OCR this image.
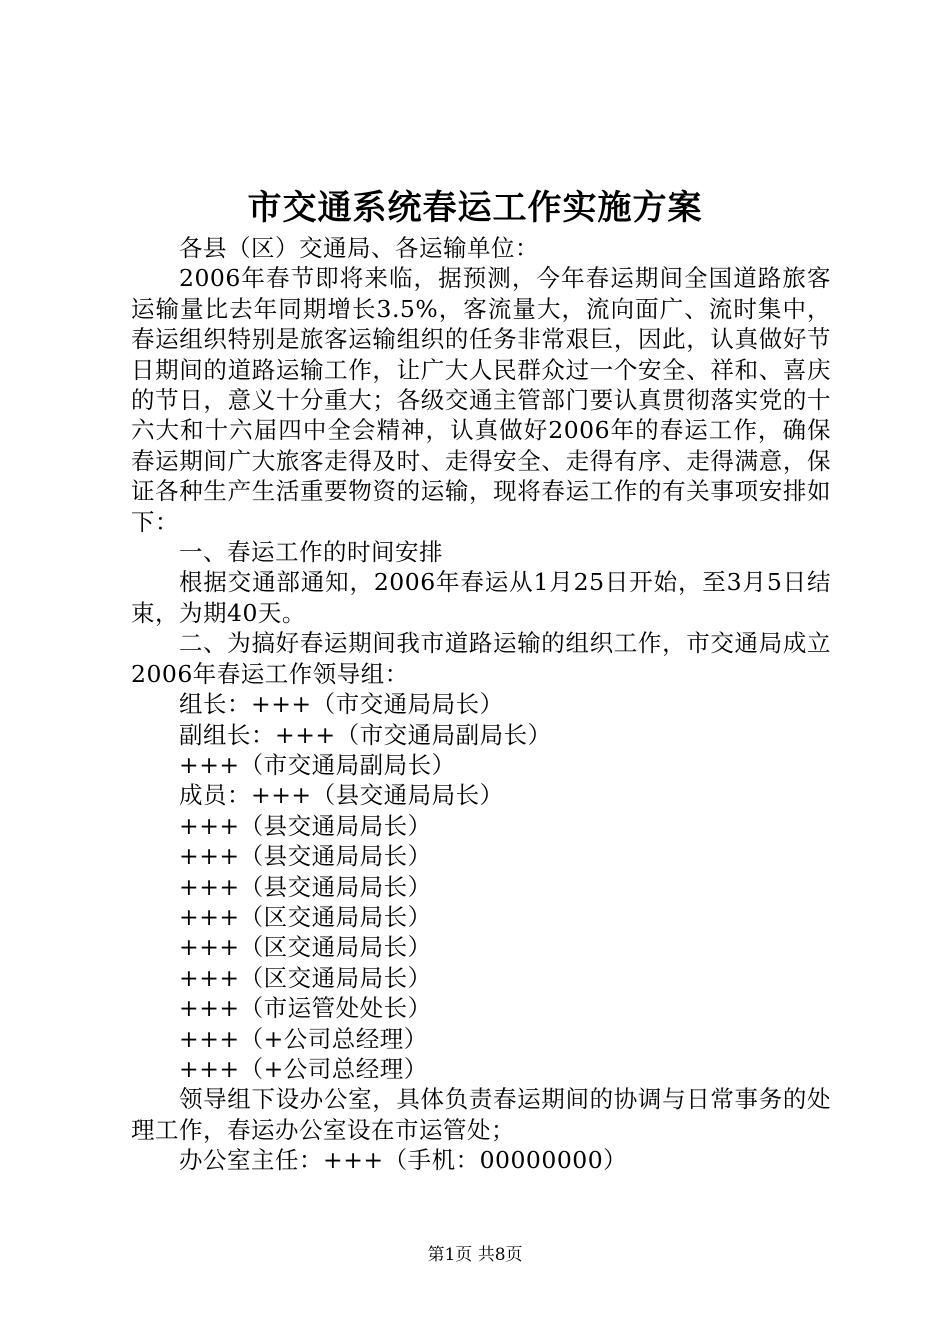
市交通系统春运工作实施方案

各县（区）交通局、各运输单位：

2006年春节即将来临，据预测，今年春运期间全国道路旅客运输量比去年同期增长3.5%，客流量大，流向面广、流时集中，春运组织特别是旅客运输组织的任务非常艰巨，因此，认真做好节日期间的道路运输工作，让广大人民群众过一个安全、祥和、喜庆的节日，意义十分重大；各级交通主管部门要认真贯彻落实党的十六大和十六届四中全会精神，认真做好2006年的春运工作，确保春运期间广大旅客走得及时、走得安全、走得有序、走得满意，保证各种生产生活重要物资的运输，现将春运工作的有关事项安排如下：

一、春运工作的时间安排

根据交通部通知，2006年春运从1月25日开始，至3月5日结束，为期40天。

二、为搞好春运期间我市道路运输的组织工作，市交通局成立2006年春运工作领导组：

组长：+++（市交通局局长）

副组长：+++（市交通局副局长）

+++（市交通局副局长）

成员：+++（县交通局局长）

+++（县交通局局长）

+++（县交通局局长）

+++（县交通局局长）

+++（区交通局局长）

+++（区交通局局长）

+++（区交通局局长）

+++（市运管处处长）

+++（+公司总经理）

+++（+公司总经理）

领导组下设办公室，具体负责春运期间的协调与日常事务的处理工作，春运办公室设在市运管处；

办公室主任：+++（手机：00000000）

第1页 共8页
